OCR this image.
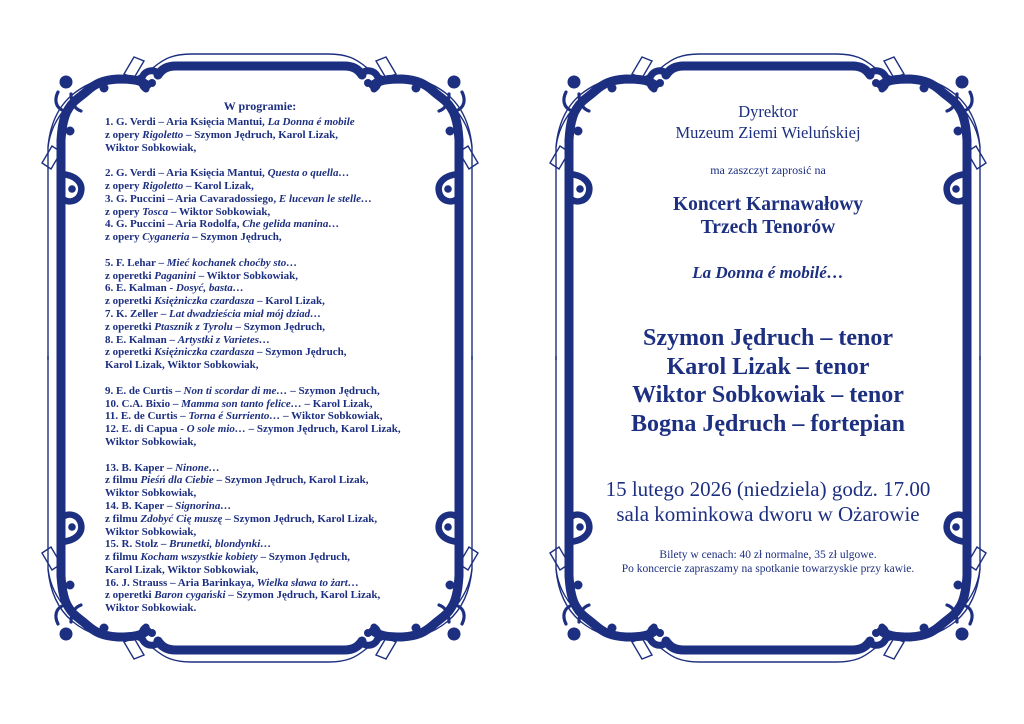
W programie:
1. G. Verdi – Aria Księcia Mantui, La Donna é mobile
z opery Rigoletto – Szymon Jędruch, Karol Lizak,
Wiktor Sobkowiak,
2. G. Verdi – Aria Księcia Mantui, Questa o quella…
z opery Rigoletto – Karol Lizak,
3. G. Puccini – Aria Cavaradossiego, E lucevan le stelle…
z opery Tosca – Wiktor Sobkowiak,
4. G. Puccini – Aria Rodolfa, Che gelida manina…
z opery Cyganeria – Szymon Jędruch,
5. F. Lehar – Mieć kochanek choćby sto…
z operetki Paganini – Wiktor Sobkowiak,
6. E. Kalman - Dosyć, basta…
z operetki Księżniczka czardasza – Karol Lizak,
7. K. Zeller – Lat dwadzieścia miał mój dziad…
z operetki Ptasznik z Tyrolu – Szymon Jędruch,
8. E. Kalman – Artystki z Varietes…
z operetki Księżniczka czardasza – Szymon Jędruch,
Karol Lizak, Wiktor Sobkowiak,
9. E. de Curtis – Non ti scordar di me… – Szymon Jędruch,
10. C.A. Bixio – Mamma son tanto felice… – Karol Lizak,
11. E. de Curtis – Torna é Surriento… – Wiktor Sobkowiak,
12. E. di Capua - O sole mio… – Szymon Jędruch, Karol Lizak,
Wiktor Sobkowiak,
13. B. Kaper – Ninone…
z filmu Pieśń dla Ciebie – Szymon Jędruch, Karol Lizak,
Wiktor Sobkowiak,
14. B. Kaper – Signorina…
z filmu Zdobyć Cię muszę – Szymon Jędruch, Karol Lizak,
Wiktor Sobkowiak,
15. R. Stolz – Brunetki, blondynki…
z filmu Kocham wszystkie kobiety – Szymon Jędruch,
Karol Lizak, Wiktor Sobkowiak,
16. J. Strauss – Aria Barinkaya, Wielka sława to żart…
z operetki Baron cygański – Szymon Jędruch, Karol Lizak,
Wiktor Sobkowiak.
Dyrektor
Muzeum Ziemi Wieluńskiej
ma zaszczyt zaprosić na
Koncert Karnawałowy
Trzech Tenorów
La Donna é mobilé…
Szymon Jędruch – tenor
Karol Lizak – tenor
Wiktor Sobkowiak – tenor
Bogna Jędruch – fortepian
15 lutego 2026 (niedziela) godz. 17.00
sala kominkowa dworu w Ożarowie
Bilety w cenach: 40 zł normalne, 35 zł ulgowe.
Po koncercie zapraszamy na spotkanie towarzyskie przy kawie.
